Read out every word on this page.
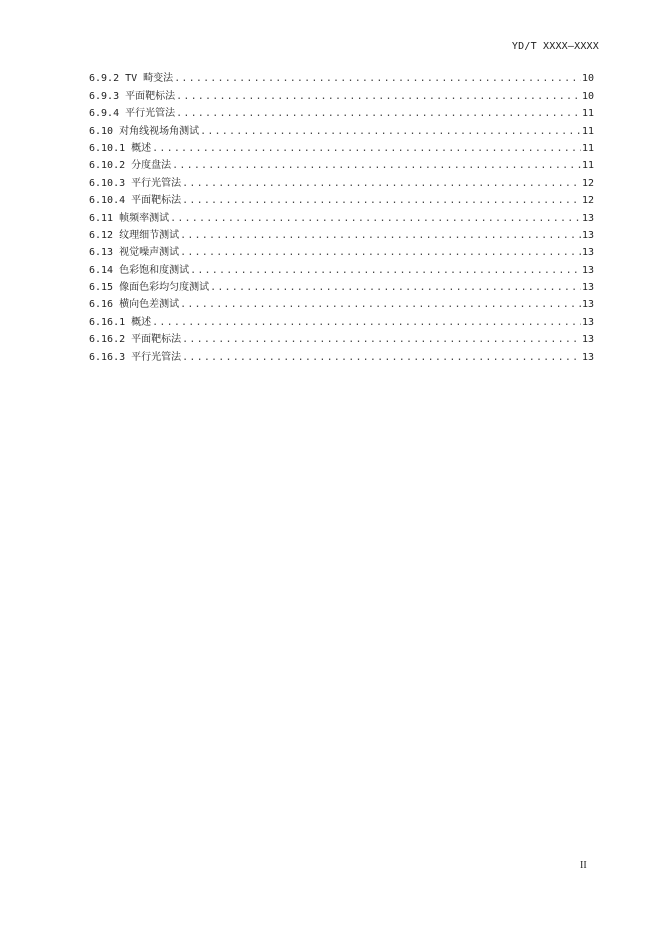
YD/T XXXX—XXXX
6.9.2 TV 畸变法 .....	10
6.9.3 平面靶标法 .....	10
6.9.4 平行光管法 .....	11
6.10 对角线视场角测试 .....	11
6.10.1 概述 .....	11
6.10.2 分度盘法 .....	11
6.10.3 平行光管法 .....	12
6.10.4 平面靶标法 .....	12
6.11 帧频率测试 .....	13
6.12 纹理细节测试 .....	13
6.13 视觉噪声测试 .....	13
6.14 色彩饱和度测试 .....	13
6.15 像面色彩均匀度测试 .....	13
6.16 横向色差测试 .....	13
6.16.1 概述 .....	13
6.16.2 平面靶标法 .....	13
6.16.3 平行光管法 .....	13
II
